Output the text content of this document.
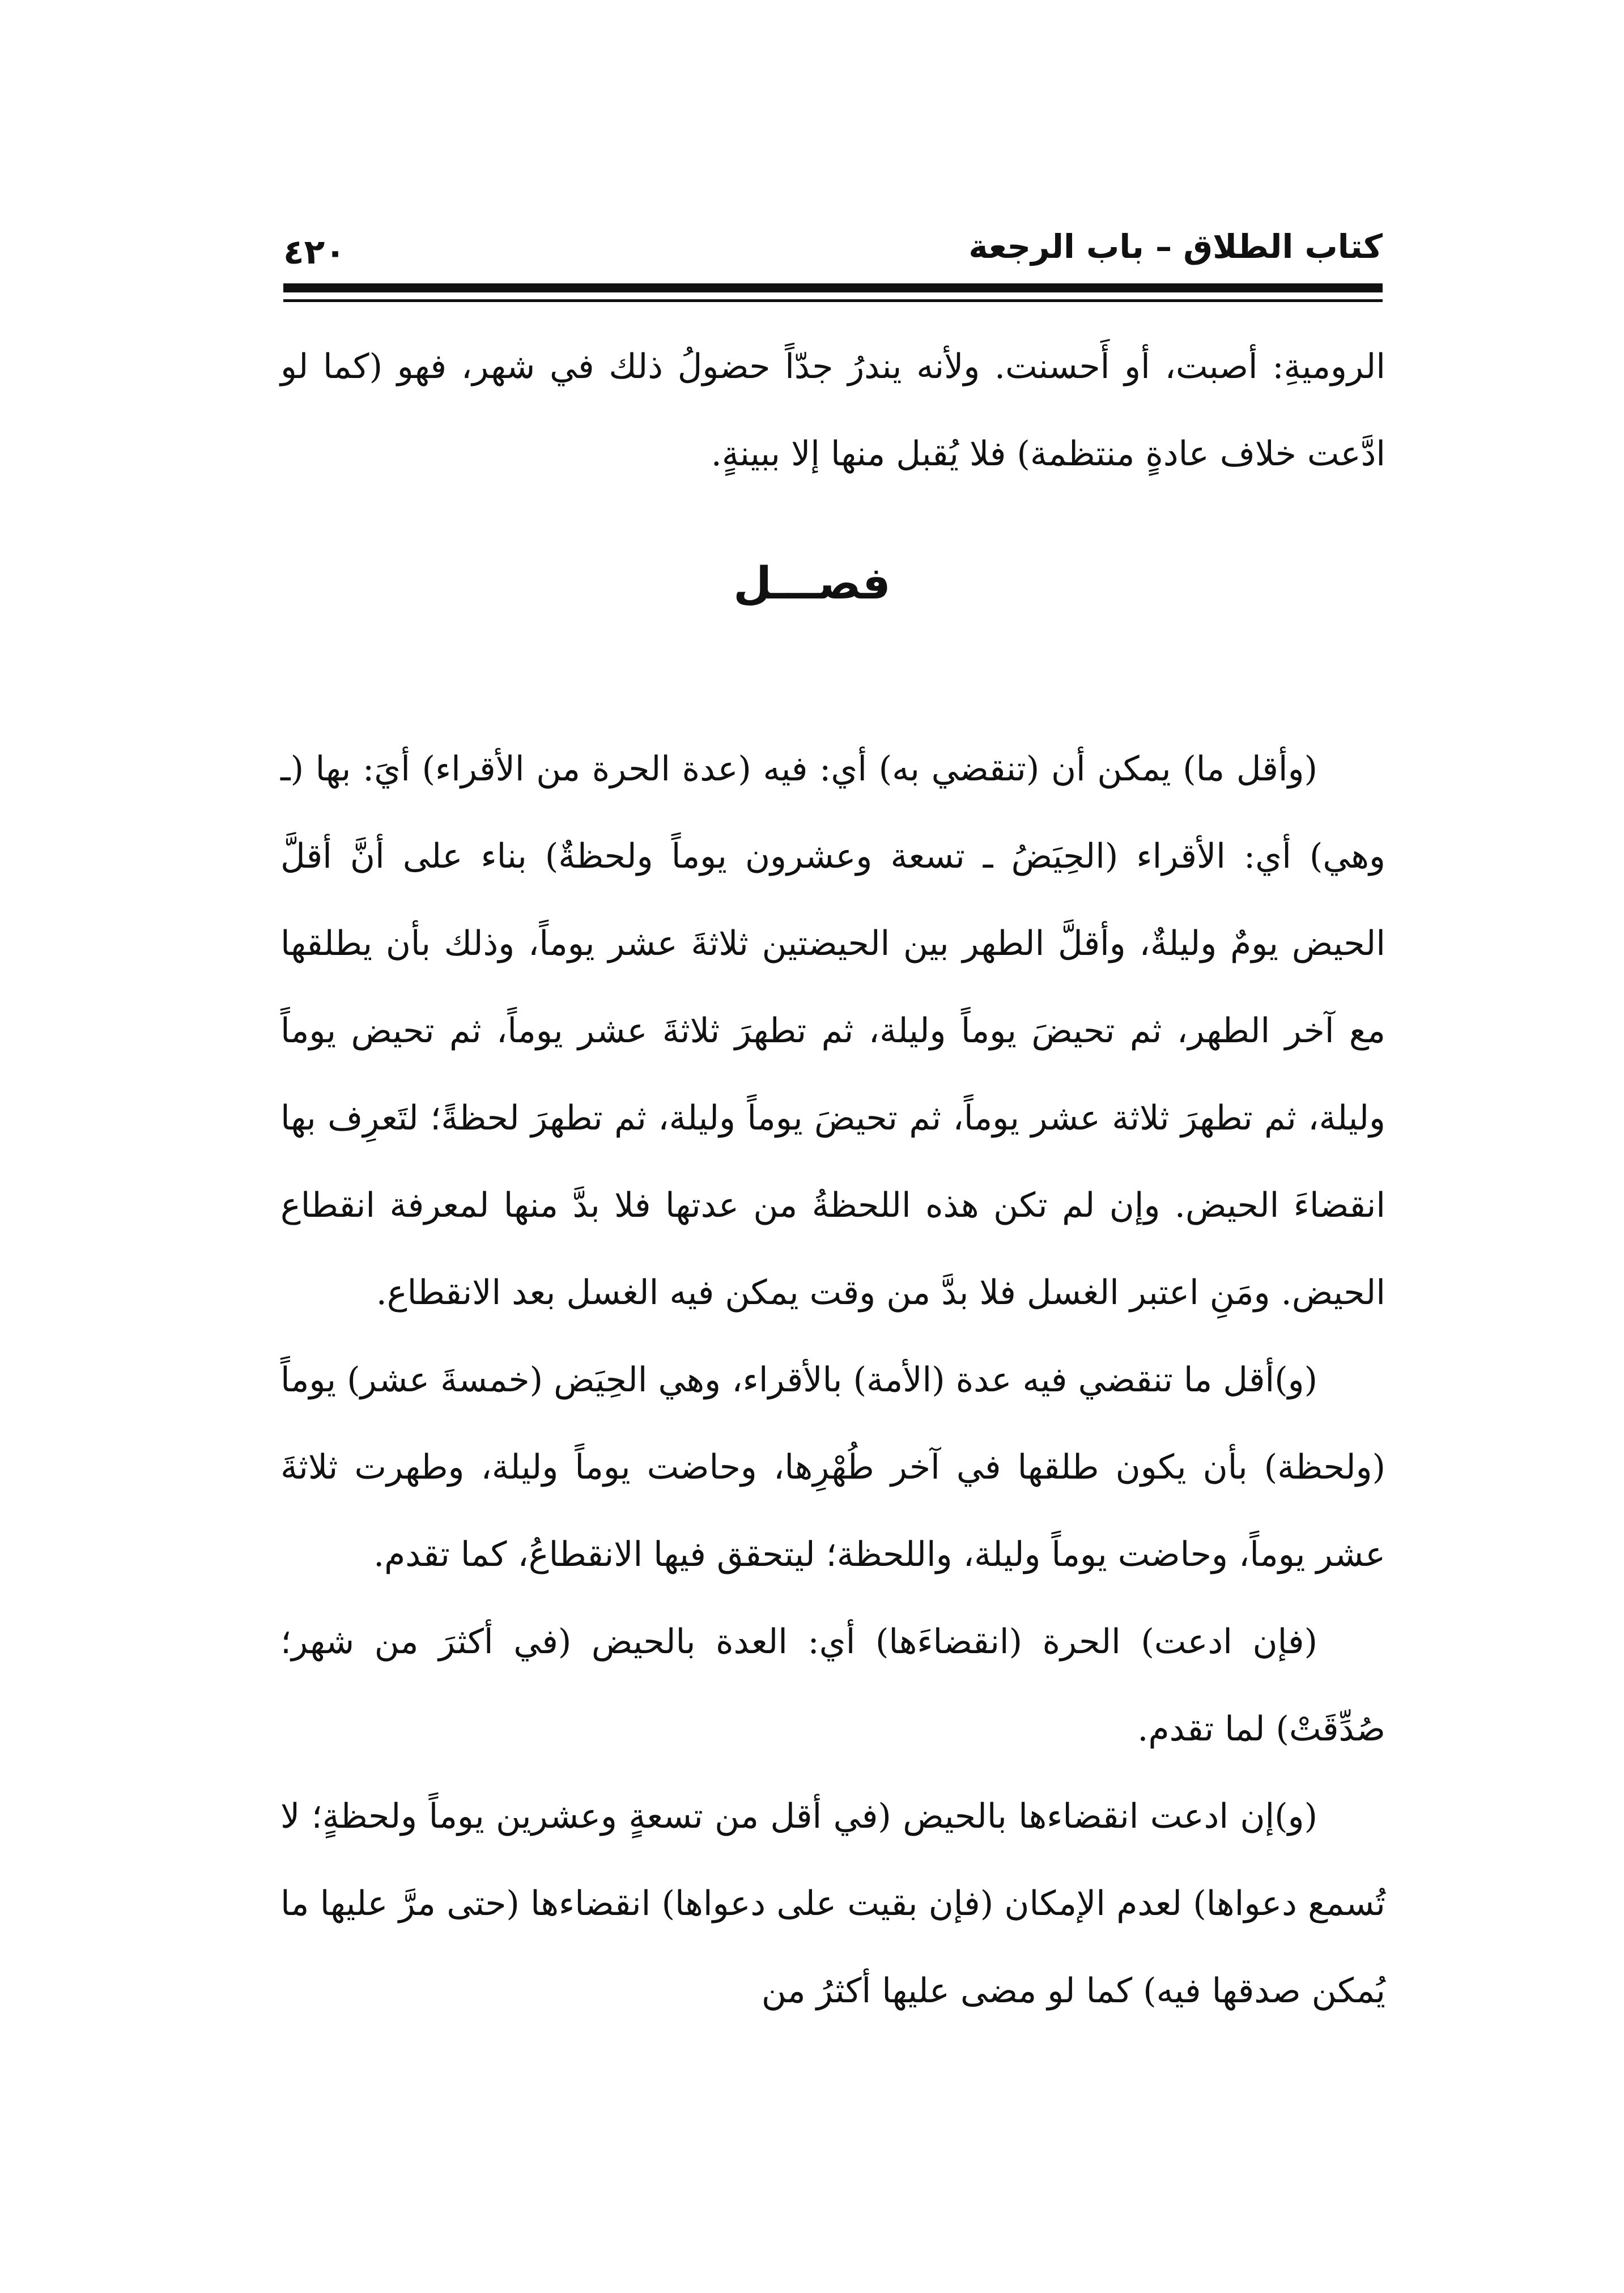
كتاب الطلاق – باب الرجعة
٤٢٠

الروميةِ: أصبت، أو أَحسنت. ولأنه يندرُ جدّاً حضولُ ذلك في شهر، فهو (كما لو ادَّعت خلاف عادةٍ منتظمة) فلا يُقبل منها إلا ببينةٍ.

فصـــل

(وأقل ما) يمكن أن (تنقضي به) أي: فيه (عدة الحرة من الأقراء) أيَ: بها (ـ وهي) أي: الأقراء (الحِيَضُ ـ تسعة وعشرون يوماً ولحظةٌ) بناء على أنَّ أقلَّ الحيض يومٌ وليلةٌ، وأقلَّ الطهر بين الحيضتين ثلاثةَ عشر يوماً، وذلك بأن يطلقها مع آخر الطهر، ثم تحيضَ يوماً وليلة، ثم تطهرَ ثلاثةَ عشر يوماً، ثم تحيض يوماً وليلة، ثم تطهرَ ثلاثة عشر يوماً، ثم تحيضَ يوماً وليلة، ثم تطهرَ لحظةً؛ لتَعرِف بها انقضاءَ الحيض. وإن لم تكن هذه اللحظةُ من عدتها فلا بدَّ منها لمعرفة انقطاع الحيض. ومَنِ اعتبر الغسل فلا بدَّ من وقت يمكن فيه الغسل بعد الانقطاع.

(و)أقل ما تنقضي فيه عدة (الأمة) بالأقراء، وهي الحِيَض (خمسةَ عشر) يوماً (ولحظة) بأن يكون طلقها في آخر طُهْرِها، وحاضت يوماً وليلة، وطهرت ثلاثةَ عشر يوماً، وحاضت يوماً وليلة، واللحظة؛ ليتحقق فيها الانقطاعُ، كما تقدم.

(فإن ادعت) الحرة (انقضاءَها) أي: العدة بالحيض (في أكثرَ من شهر؛ صُدِّقَتْ) لما تقدم.

(و)إن ادعت انقضاءها بالحيض (في أقل من تسعةٍ وعشرين يوماً ولحظةٍ؛ لا تُسمع دعواها) لعدم الإمكان (فإن بقيت على دعواها) انقضاءها (حتى مرَّ عليها ما يُمكن صدقها فيه) كما لو مضى عليها أكثرُ من
